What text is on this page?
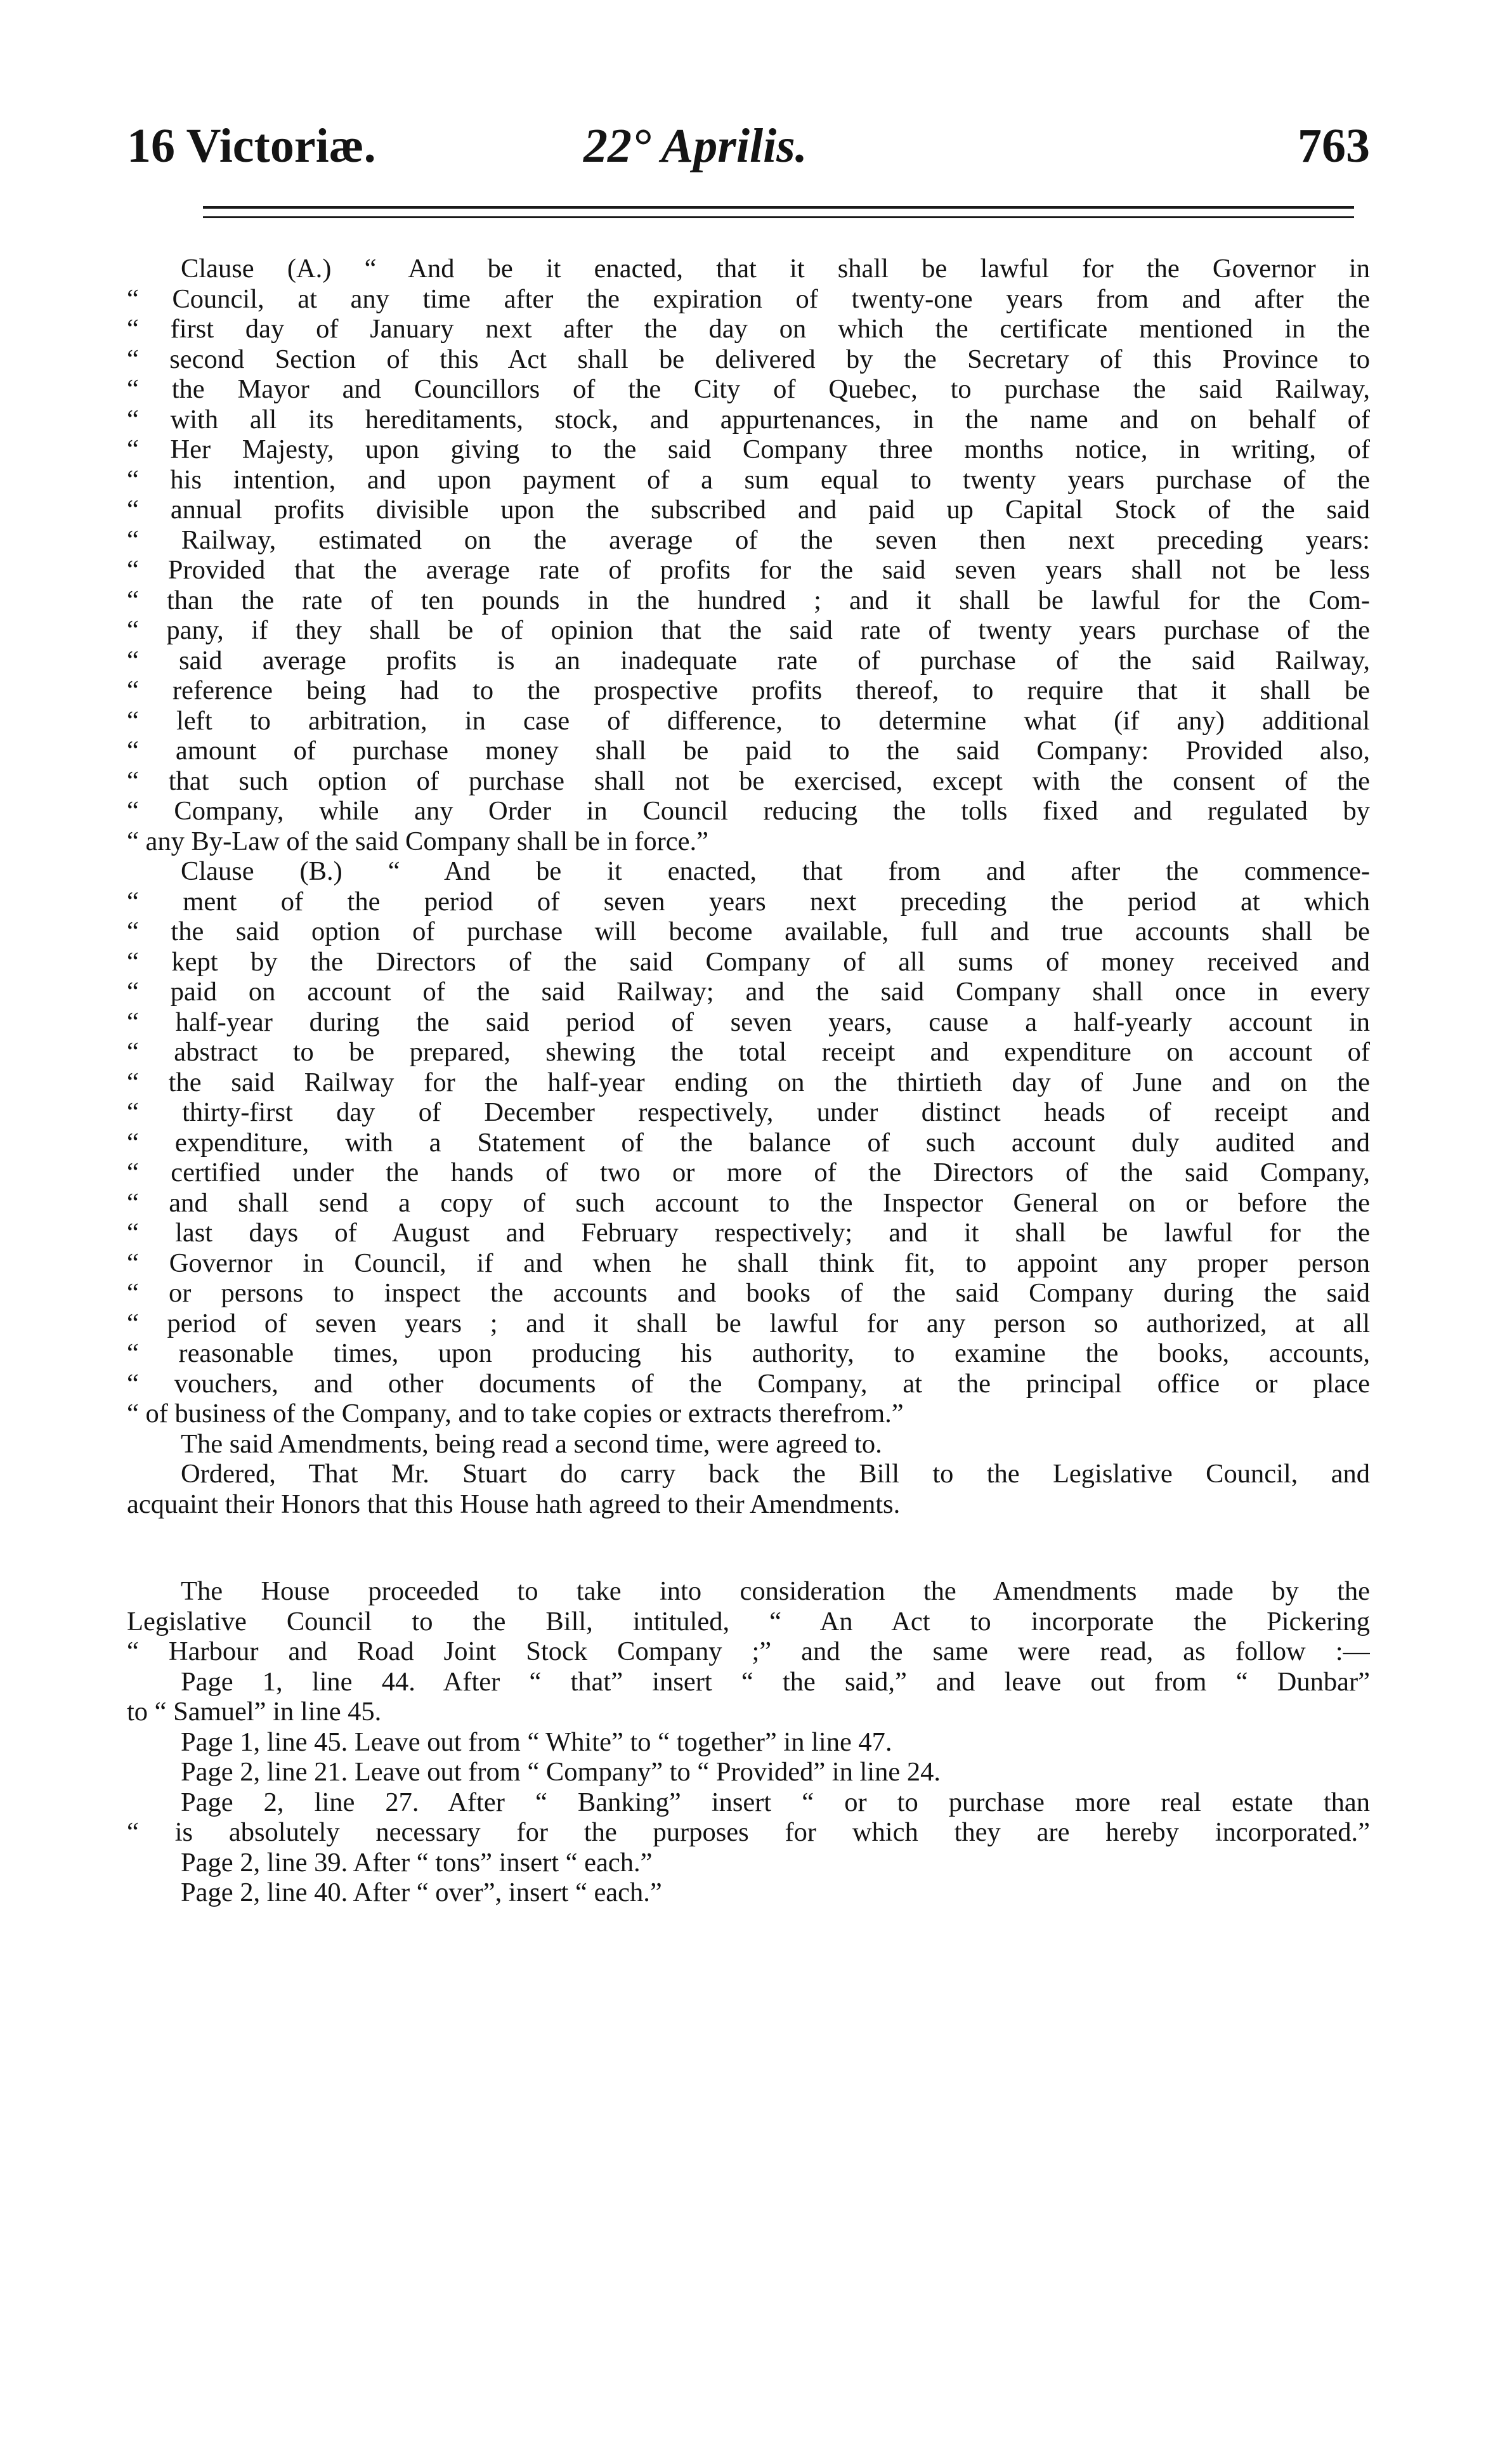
16 Victoriæ.	22° Aprilis.	763
  Clause (A.) “ And be it enacted, that it shall be lawful for the Governor in
“ Council, at any time after the expiration of twenty-one years from and after the
“ first day of January next after the day on which the certificate mentioned in the
“ second Section of this Act shall be delivered by the Secretary of this Province to
“ the Mayor and Councillors of the City of Quebec, to purchase the said Railway,
“ with all its hereditaments, stock, and appurtenances, in the name and on behalf of
“ Her Majesty, upon giving to the said Company three months notice, in writing, of
“ his intention, and upon payment of a sum equal to twenty years purchase of the
“ annual profits divisible upon the subscribed and paid up Capital Stock of the said
“ Railway, estimated on the average of the seven then next preceding years:
“ Provided that the average rate of profits for the said seven years shall not be less
“ than the rate of ten pounds in the hundred ; and it shall be lawful for the Com-
“ pany, if they shall be of opinion that the said rate of twenty years purchase of the
“ said average profits is an inadequate rate of purchase of the said Railway,
“ reference being had to the prospective profits thereof, to require that it shall be
“ left to arbitration, in case of difference, to determine what (if any) additional
“ amount of purchase money shall be paid to the said Company: Provided also,
“ that such option of purchase shall not be exercised, except with the consent of the
“ Company, while any Order in Council reducing the tolls fixed and regulated by
“ any By-Law of the said Company shall be in force.”
  Clause (B.) “ And be it enacted, that from and after the commence-
“ ment of the period of seven years next preceding the period at which
“ the said option of purchase will become available, full and true accounts shall be
“ kept by the Directors of the said Company of all sums of money received and
“ paid on account of the said Railway; and the said Company shall once in every
“ half-year during the said period of seven years, cause a half-yearly account in
“ abstract to be prepared, shewing the total receipt and expenditure on account of
“ the said Railway for the half-year ending on the thirtieth day of June and on the
“ thirty-first day of December respectively, under distinct heads of receipt and
“ expenditure, with a Statement of the balance of such account duly audited and
“ certified under the hands of two or more of the Directors of the said Company,
“ and shall send a copy of such account to the Inspector General on or before the
“ last days of August and February respectively; and it shall be lawful for the
“ Governor in Council, if and when he shall think fit, to appoint any proper person
“ or persons to inspect the accounts and books of the said Company during the said
“ period of seven years ; and it shall be lawful for any person so authorized, at all
“ reasonable times, upon producing his authority, to examine the books, accounts,
“ vouchers, and other documents of the Company, at the principal office or place
“ of business of the Company, and to take copies or extracts therefrom.”
  The said Amendments, being read a second time, were agreed to.
  Ordered, That Mr. Stuart do carry back the Bill to the Legislative Council, and
acquaint their Honors that this House hath agreed to their Amendments.
  The House proceeded to take into consideration the Amendments made by the
Legislative Council to the Bill, intituled, “ An Act to incorporate the Pickering
“ Harbour and Road Joint Stock Company ;” and the same were read, as follow :—
  Page 1, line 44. After “ that” insert “ the said,” and leave out from “ Dunbar”
to “ Samuel” in line 45.
  Page 1, line 45. Leave out from “ White” to “ together” in line 47.
  Page 2, line 21. Leave out from “ Company” to “ Provided” in line 24.
  Page 2, line 27. After “ Banking” insert “ or to purchase more real estate than
“ is absolutely necessary for the purposes for which they are hereby incorporated.”
  Page 2, line 39. After “ tons” insert “ each.”
  Page 2, line 40. After “ over”, insert “ each.”
